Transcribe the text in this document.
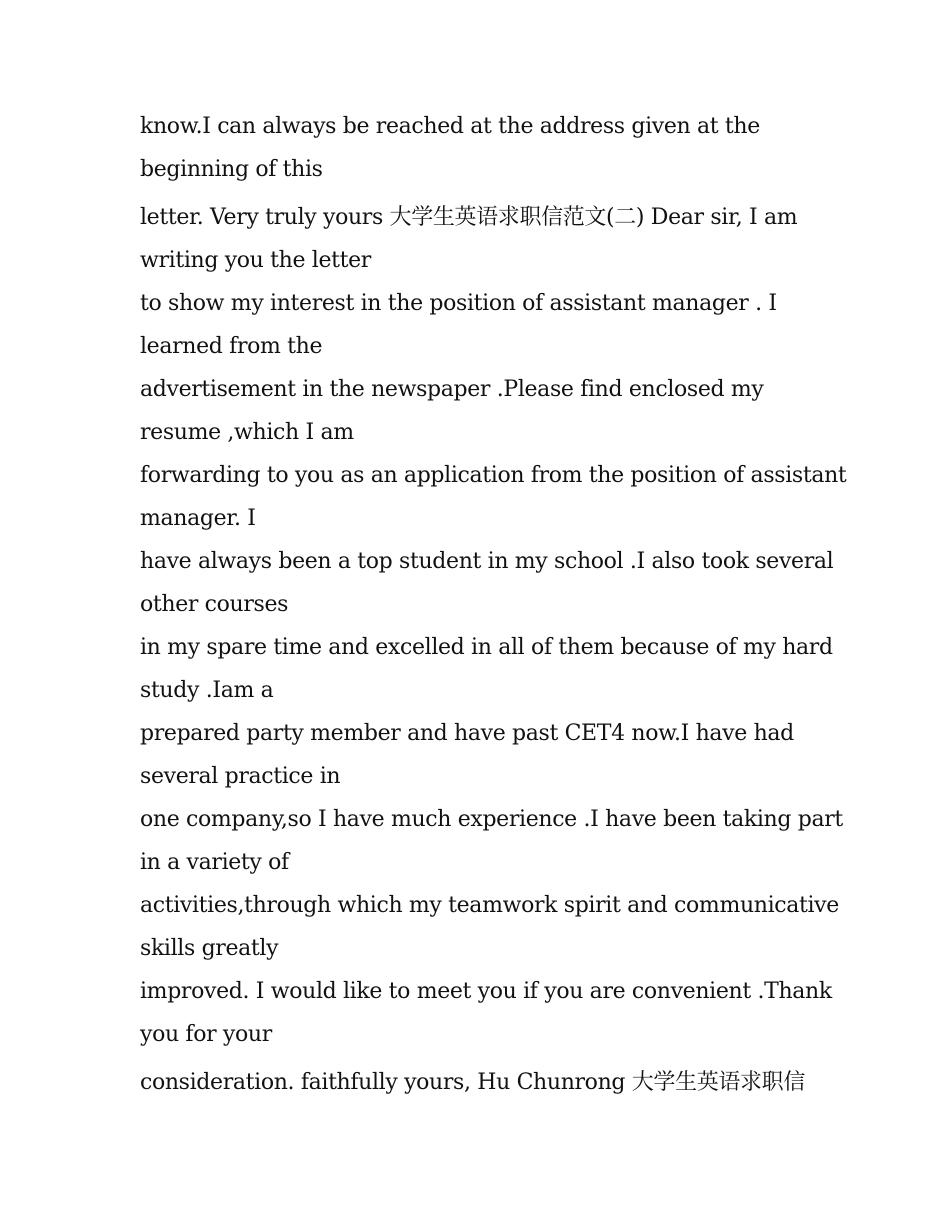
know.I can always be reached at the address given at the
beginning of this
letter. Very truly yours 大学生英语求职信范文(二) Dear sir, I am
writing you the letter
to show my interest in the position of assistant manager . I
learned from the
advertisement in the newspaper .Please find enclosed my
resume ,which I am
forwarding to you as an application from the position of assistant
manager. I
have always been a top student in my school .I also took several
other courses
in my spare time and excelled in all of them because of my hard
study .Iam a
prepared party member and have past CET4 now.I have had
several practice in
one company,so I have much experience .I have been taking part
in a variety of
activities,through which my teamwork spirit and communicative
skills greatly
improved. I would like to meet you if you are convenient .Thank
you for your
consideration. faithfully yours, Hu Chunrong 大学生英语求职信
